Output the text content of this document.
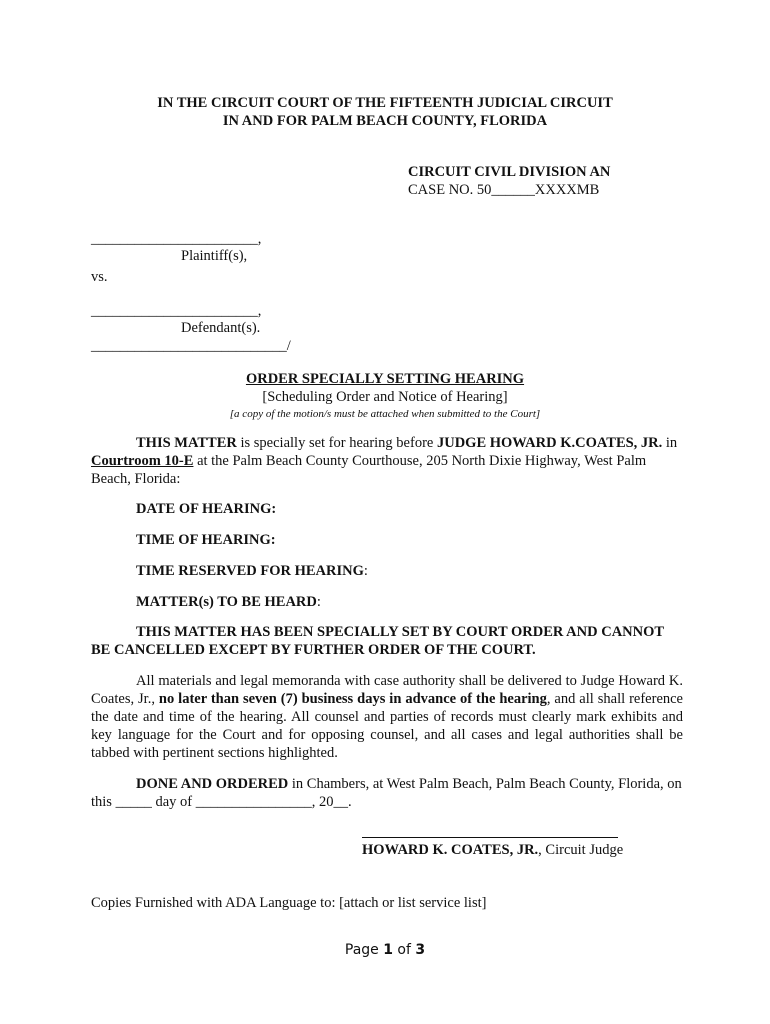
IN THE CIRCUIT COURT OF THE FIFTEENTH JUDICIAL CIRCUIT
IN AND FOR PALM BEACH COUNTY, FLORIDA
CIRCUIT CIVIL DIVISION AN
CASE NO. 50______XXXXMB
_______________________,
Plaintiff(s),
vs.
_______________________,
Defendant(s).
___________________________/
ORDER SPECIALLY SETTING HEARING
[Scheduling Order and Notice of Hearing]
[a copy of the motion/s must be attached when submitted to the Court]
THIS MATTER is specially set for hearing before JUDGE HOWARD K.COATES, JR. in Courtroom 10-E at the Palm Beach County Courthouse, 205 North Dixie Highway, West Palm Beach, Florida:
DATE OF HEARING:
TIME OF HEARING:
TIME RESERVED FOR HEARING:
MATTER(s) TO BE HEARD:
THIS MATTER HAS BEEN SPECIALLY SET BY COURT ORDER AND CANNOT BE CANCELLED EXCEPT BY FURTHER ORDER OF THE COURT.
All materials and legal memoranda with case authority shall be delivered to Judge Howard K. Coates, Jr., no later than seven (7) business days in advance of the hearing, and all shall reference the date and time of the hearing. All counsel and parties of records must clearly mark exhibits and key language for the Court and for opposing counsel, and all cases and legal authorities shall be tabbed with pertinent sections highlighted.
DONE AND ORDERED in Chambers, at West Palm Beach, Palm Beach County, Florida, on this _____ day of ________________, 20__.
HOWARD K. COATES, JR., Circuit Judge
Copies Furnished with ADA Language to: [attach or list service list]
Page 1 of 3
